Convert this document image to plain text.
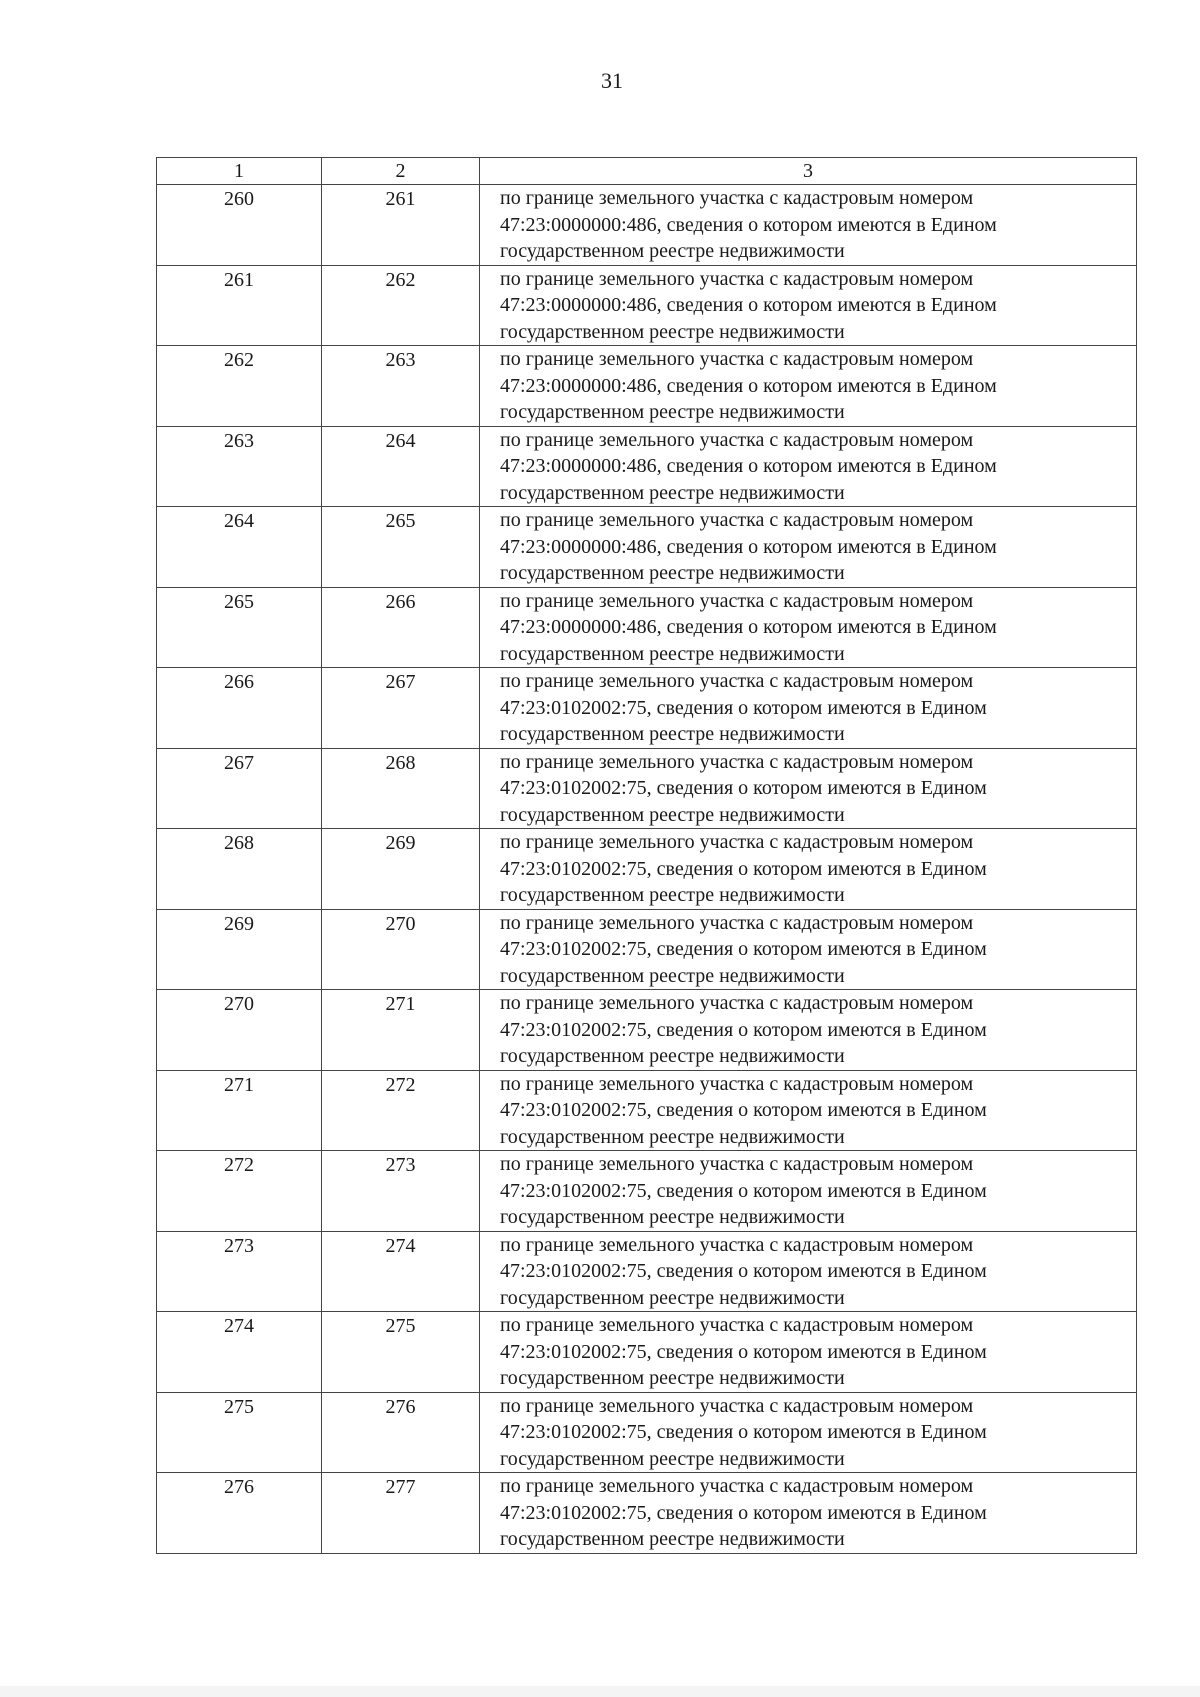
31
1	2	3
260	261	по границе земельного участка с кадастровым номером 47:23:0000000:486, сведения о котором имеются в Едином государственном реестре недвижимости
261	262	по границе земельного участка с кадастровым номером 47:23:0000000:486, сведения о котором имеются в Едином государственном реестре недвижимости
262	263	по границе земельного участка с кадастровым номером 47:23:0000000:486, сведения о котором имеются в Едином государственном реестре недвижимости
263	264	по границе земельного участка с кадастровым номером 47:23:0000000:486, сведения о котором имеются в Едином государственном реестре недвижимости
264	265	по границе земельного участка с кадастровым номером 47:23:0000000:486, сведения о котором имеются в Едином государственном реестре недвижимости
265	266	по границе земельного участка с кадастровым номером 47:23:0000000:486, сведения о котором имеются в Едином государственном реестре недвижимости
266	267	по границе земельного участка с кадастровым номером 47:23:0102002:75, сведения о котором имеются в Едином государственном реестре недвижимости
267	268	по границе земельного участка с кадастровым номером 47:23:0102002:75, сведения о котором имеются в Едином государственном реестре недвижимости
268	269	по границе земельного участка с кадастровым номером 47:23:0102002:75, сведения о котором имеются в Едином государственном реестре недвижимости
269	270	по границе земельного участка с кадастровым номером 47:23:0102002:75, сведения о котором имеются в Едином государственном реестре недвижимости
270	271	по границе земельного участка с кадастровым номером 47:23:0102002:75, сведения о котором имеются в Едином государственном реестре недвижимости
271	272	по границе земельного участка с кадастровым номером 47:23:0102002:75, сведения о котором имеются в Едином государственном реестре недвижимости
272	273	по границе земельного участка с кадастровым номером 47:23:0102002:75, сведения о котором имеются в Едином государственном реестре недвижимости
273	274	по границе земельного участка с кадастровым номером 47:23:0102002:75, сведения о котором имеются в Едином государственном реестре недвижимости
274	275	по границе земельного участка с кадастровым номером 47:23:0102002:75, сведения о котором имеются в Едином государственном реестре недвижимости
275	276	по границе земельного участка с кадастровым номером 47:23:0102002:75, сведения о котором имеются в Едином государственном реестре недвижимости
276	277	по границе земельного участка с кадастровым номером 47:23:0102002:75, сведения о котором имеются в Едином государственном реестре недвижимости
